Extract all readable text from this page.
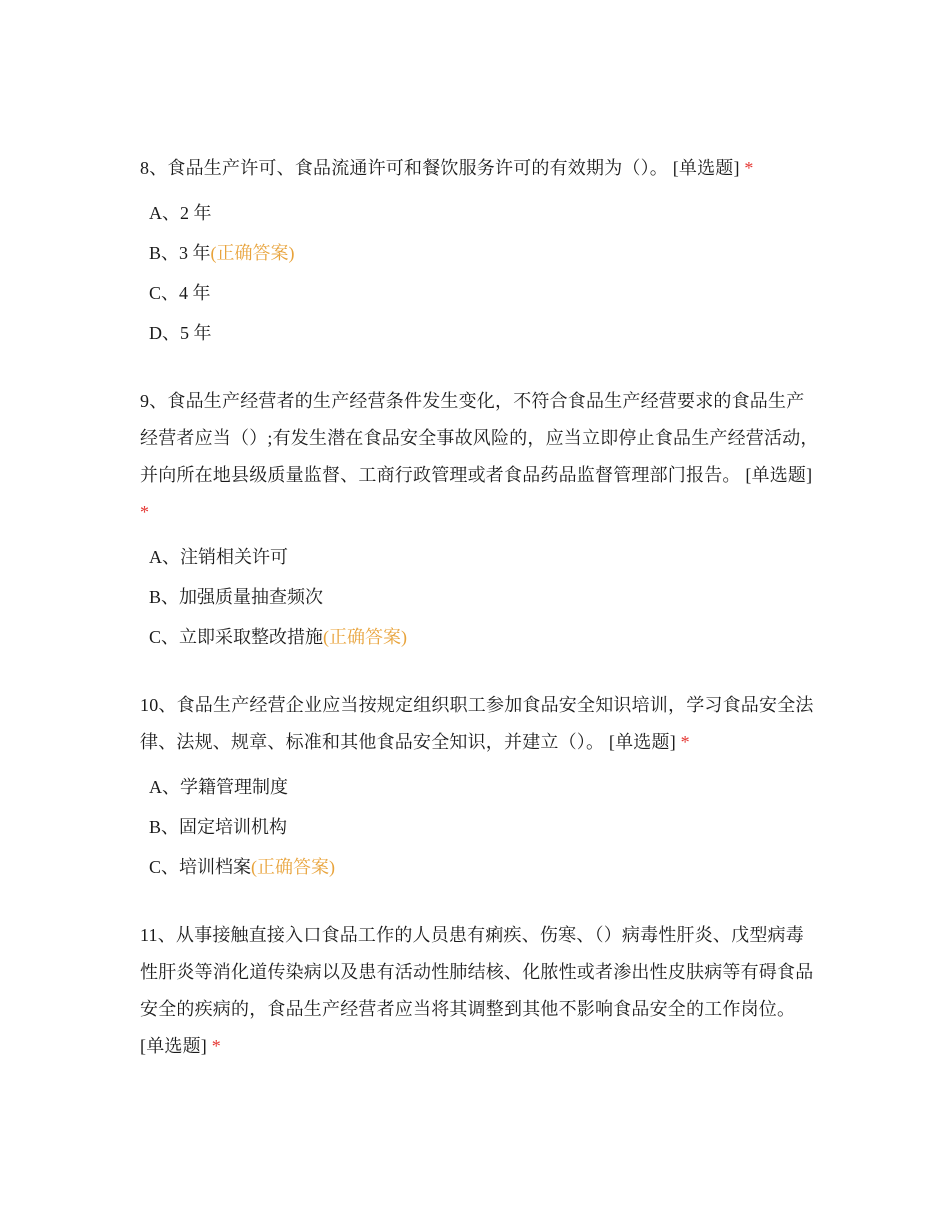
8、食品生产许可、食品流通许可和餐饮服务许可的有效期为（）。 [单选题] *

A、2 年
B、3 年(正确答案)
C、4 年
D、5 年

9、食品生产经营者的生产经营条件发生变化，不符合食品生产经营要求的食品生产经营者应当（）;有发生潜在食品安全事故风险的，应当立即停止食品生产经营活动，并向所在地县级质量监督、工商行政管理或者食品药品监督管理部门报告。 [单选题] *

A、注销相关许可
B、加强质量抽查频次
C、立即采取整改措施(正确答案)

10、食品生产经营企业应当按规定组织职工参加食品安全知识培训，学习食品安全法律、法规、规章、标准和其他食品安全知识，并建立（）。 [单选题] *

A、学籍管理制度
B、固定培训机构
C、培训档案(正确答案)

11、从事接触直接入口食品工作的人员患有痢疾、伤寒、（）病毒性肝炎、戊型病毒性肝炎等消化道传染病以及患有活动性肺结核、化脓性或者渗出性皮肤病等有碍食品安全的疾病的，食品生产经营者应当将其调整到其他不影响食品安全的工作岗位。 [单选题] *
